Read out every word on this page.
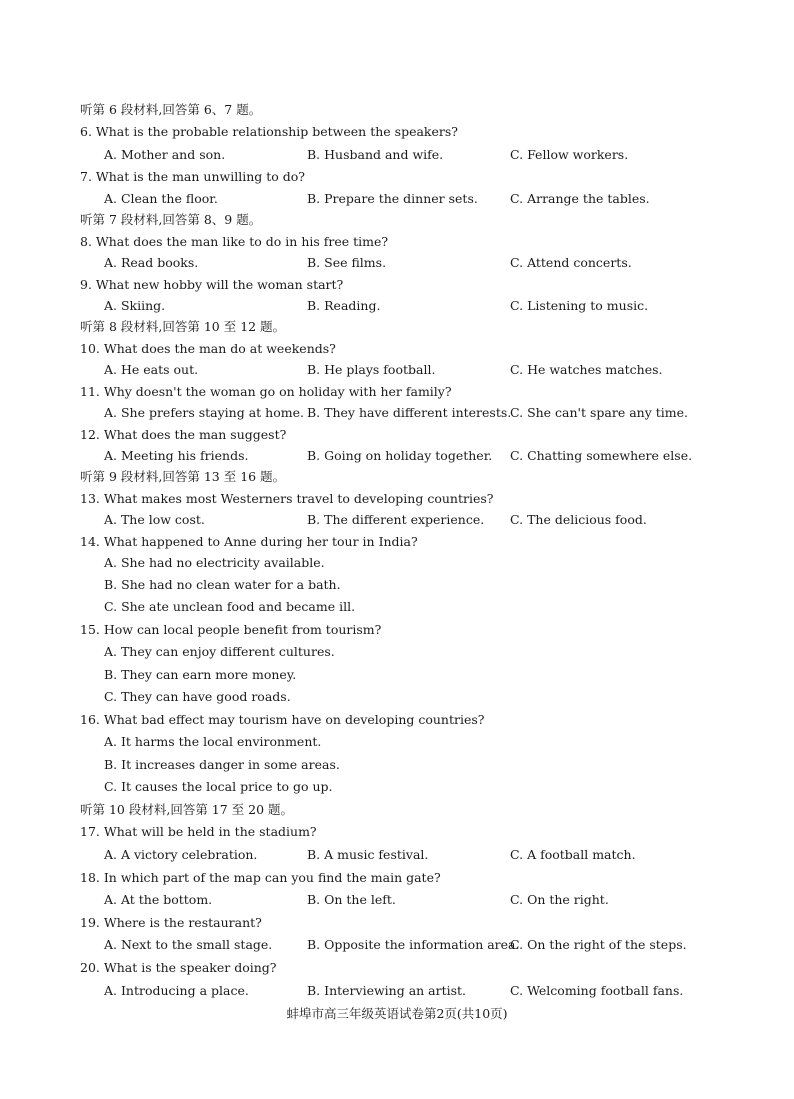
听第 6 段材料,回答第 6、7 题。
6. What is the probable relationship between the speakers?
A. Mother and son.	B. Husband and wife.	C. Fellow workers.
7. What is the man unwilling to do?
A. Clean the floor.	B. Prepare the dinner sets.	C. Arrange the tables.
听第 7 段材料,回答第 8、9 题。
8. What does the man like to do in his free time?
A. Read books.	B. See films.	C. Attend concerts.
9. What new hobby will the woman start?
A. Skiing.	B. Reading.	C. Listening to music.
听第 8 段材料,回答第 10 至 12 题。
10. What does the man do at weekends?
A. He eats out.	B. He plays football.	C. He watches matches.
11. Why doesn't the woman go on holiday with her family?
A. She prefers staying at home. B. They have different interests.
C. She can't spare any time.
12. What does the man suggest?
A. Meeting his friends.	B. Going on holiday together. C. Chatting somewhere else.
听第 9 段材料,回答第 13 至 16 题。
13. What makes most Westerners travel to developing countries?
A. The low cost.	B. The different experience. C. The delicious food.
14. What happened to Anne during her tour in India?
A. She had no electricity available.
B. She had no clean water for a bath.
C. She ate unclean food and became ill.
15. How can local people benefit from tourism?
A. They can enjoy different cultures.
B. They can earn more money.
C. They can have good roads.
16. What bad effect may tourism have on developing countries?
A. It harms the local environment.
B. It increases danger in some areas.
C. It causes the local price to go up.
听第 10 段材料,回答第 17 至 20 题。
17. What will be held in the stadium?
A. A victory celebration.	B. A music festival.	C. A football match.
18. In which part of the map can you find the main gate?
A. At the bottom.	B. On the left.	C. On the right.
19. Where is the restaurant?
A. Next to the small stage.	B. Opposite the information area.
C. On the right of the steps.
20. What is the speaker doing?
A. Introducing a place.	B. Interviewing an artist.	C. Welcoming football fans.
蚌埠市高三年级英语试卷第2页(共10页)
